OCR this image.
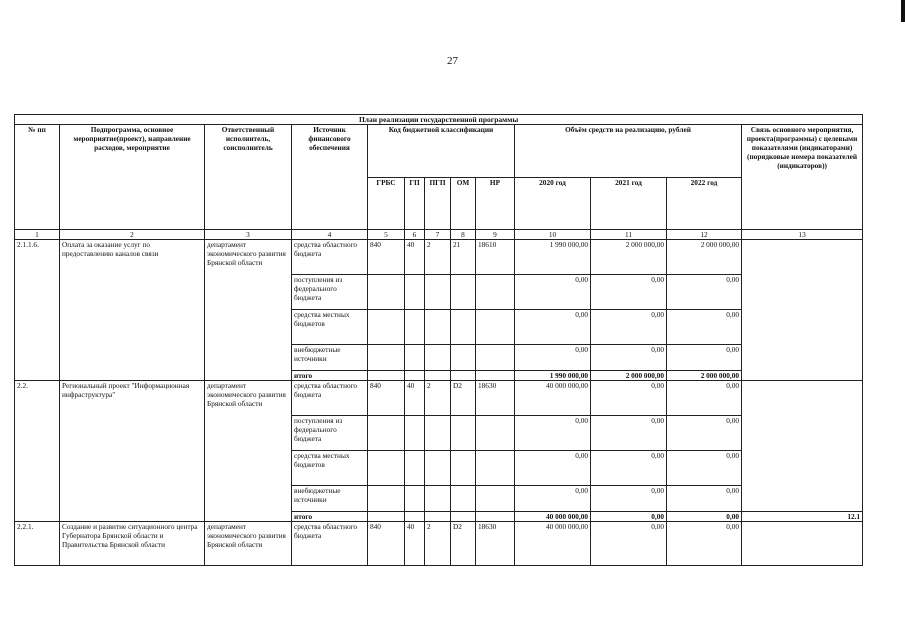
27
План реализации государственной программы												
№ пп	Подпрограмма, основное мероприятие(проект), направление расходов, мероприятие	Ответственный исполнитель, соисполнитель	Источник финансового обеспечения	Код бюджетной классификации					Объём средств на реализацию, рублей			Связь основного мероприятия, проекта(программы) с целевыми показателями (индикаторами) (порядковые номера показателей (индикаторов))
				ГРБС	ГП	ПГП	ОМ	НР	2020 год	2021 год	2022 год	
1	2	3	4	5	6	7	8	9	10	11	12	13
2.1.1.6.	Оплата за оказание услуг по предоставлению каналов связи	департамент экономического развития Брянской области	средства областного бюджета	840	40	2	21	18610	1 990 000,00	2 000 000,00	2 000 000,00	
			поступления из федерального бюджета						0,00	0,00	0,00	
			средства местных бюджетов						0,00	0,00	0,00	
			внебюджетные источники						0,00	0,00	0,00	
			итого						1 990 000,00	2 000 000,00	2 000 000,00	
2.2.	Региональный проект "Информационная инфраструктура"	департамент экономического развития Брянской области	средства областного бюджета	840	40	2	D2	18630	40 000 000,00	0,00	0,00	
			поступления из федерального бюджета						0,00	0,00	0,00	
			средства местных бюджетов						0,00	0,00	0,00	
			внебюджетные источники						0,00	0,00	0,00	
			итого						40 000 000,00	0,00	0,00	12.1
2.2.1.	Создание и развитие ситуационного центра Губернатора Брянской области и Правительства Брянской области	департамент экономического развития Брянской области	средства областного бюджета	840	40	2	D2	18630	40 000 000,00	0,00	0,00	
